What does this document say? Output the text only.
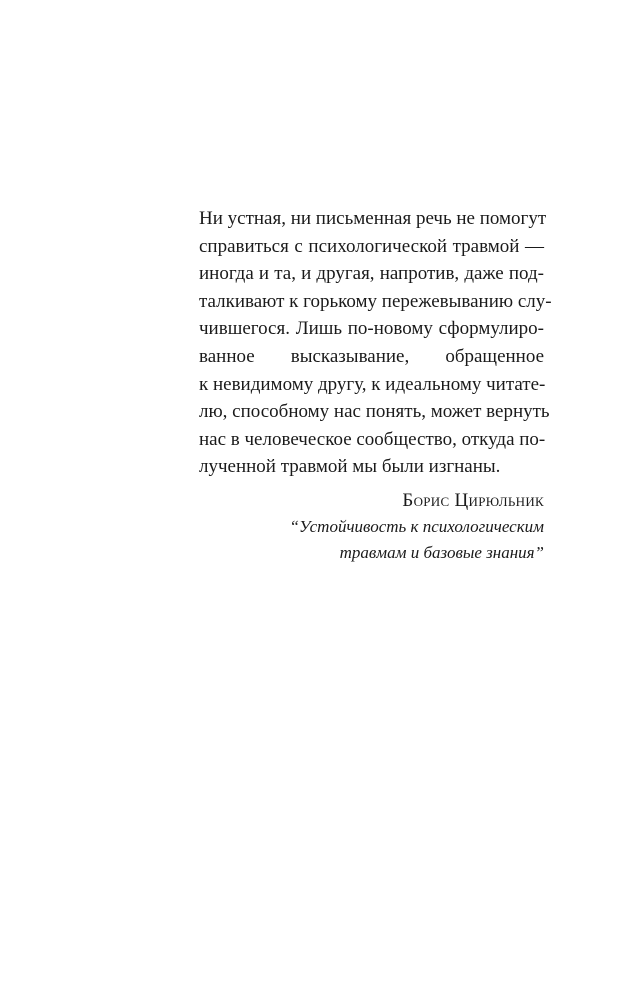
Ни устная, ни письменная речь не помогут
справиться с психологической травмой —
иногда и та, и другая, напротив, даже под-
талкивают к горькому пережевыванию слу-
чившегося. Лишь по-новому сформулиро-
ванное высказывание, обращенное
к невидимому другу, к идеальному читате-
лю, способному нас понять, может вернуть
нас в человеческое сообщество, откуда по-
лученной травмой мы были изгнаны.
Борис Цирюльник
“Устойчивость к психологическим
травмам и базовые знания”
